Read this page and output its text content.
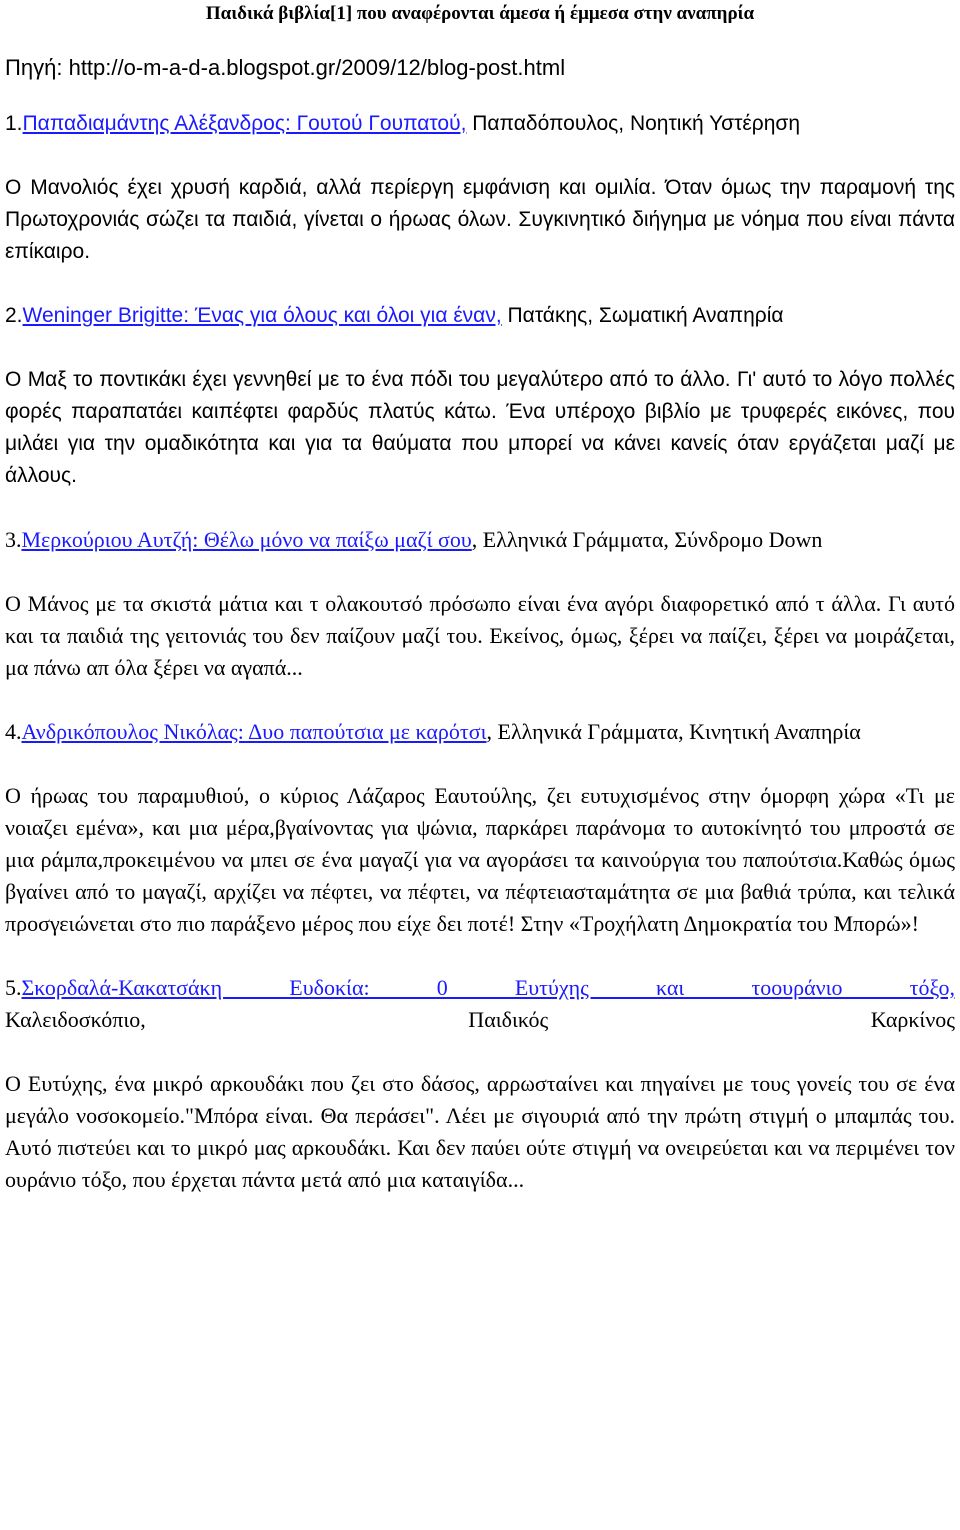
Παιδικά βιβλία[1] που αναφέρονται άμεσα ή έμμεσα στην αναπηρία
Πηγή: http://o-m-a-d-a.blogspot.gr/2009/12/blog-post.html
1.Παπαδιαμάντης Αλέξανδρος: Γουτού Γουπατού, Παπαδόπουλος, Νοητική Υστέρηση
Ο Μανολιός έχει χρυσή καρδιά, αλλά περίεργη εμφάνιση και ομιλία. Όταν όμως την παραμονή της Πρωτοχρονιάς σώζει τα παιδιά, γίνεται ο ήρωας όλων. Συγκινητικό διήγημα με νόημα που είναι πάντα επίκαιρο.
2.Weninger Brigitte: Ένας για όλους και όλοι για έναν, Πατάκης, Σωματική Αναπηρία
Ο Μαξ το ποντικάκι έχει γεννηθεί με το ένα πόδι του μεγαλύτερο από το άλλο. Γι' αυτό το λόγο πολλές φορές παραπατάει καιπέφτει φαρδύς πλατύς κάτω. Ένα υπέροχο βιβλίο με τρυφερές εικόνες, που μιλάει για την ομαδικότητα και για τα θαύματα που μπορεί να κάνει κανείς όταν εργάζεται μαζί με άλλους.
3.Μερκούριου Αυτζή: Θέλω μόνο να παίξω μαζί σου, Ελληνικά Γράμματα, Σύνδρομο Down
Ο Μάνος με τα σκιστά μάτια και τ ολακουτσό πρόσωπο είναι ένα αγόρι διαφορετικό από τ άλλα. Γι αυτό και τα παιδιά της γειτονιάς του δεν παίζουν μαζί του. Εκείνος, όμως, ξέρει να παίζει, ξέρει να μοιράζεται, μα πάνω απ όλα ξέρει να αγαπά...
4.Ανδρικόπουλος Νικόλας: Δυο παπούτσια με καρότσι, Ελληνικά Γράμματα, Κινητική Αναπηρία
Ο ήρωας του παραμυθιού, ο κύριος Λάζαρος Εαυτούλης, ζει ευτυχισμένος στην όμορφη χώρα «Τι με νοιαζει εμένα», και μια μέρα,βγαίνοντας για ψώνια, παρκάρει παράνομα το αυτοκίνητό του μπροστά σε μια ράμπα,προκειμένου να μπει σε ένα μαγαζί για να αγοράσει τα καινούργια του παπούτσια.Καθώς όμως βγαίνει από το μαγαζί, αρχίζει να πέφτει, να πέφτει, να πέφτειασταμάτητα σε μια βαθιά τρύπα, και τελικά προσγειώνεται στο πιο παράξενο μέρος που είχε δει ποτέ! Στην «Τροχήλατη Δημοκρατία του Μπορώ»!
5.Σκορδαλά-Κακατσάκη Ευδοκία: 0 Ευτύχης και τοουράνιο τόξο,
Καλειδοσκόπιο, Παιδικός Καρκίνος
Ο Ευτύχης, ένα μικρό αρκουδάκι που ζει στο δάσος, αρρωσταίνει και πηγαίνει με τους γονείς του σε ένα μεγάλο νοσοκομείο."Μπόρα είναι. Θα περάσει". Λέει με σιγουριά από την πρώτη στιγμή ο μπαμπάς του. Αυτό πιστεύει και το μικρό μας αρκουδάκι. Και δεν παύει ούτε στιγμή να ονειρεύεται και να περιμένει τον ουράνιο τόξο, που έρχεται πάντα μετά από μια καταιγίδα...
